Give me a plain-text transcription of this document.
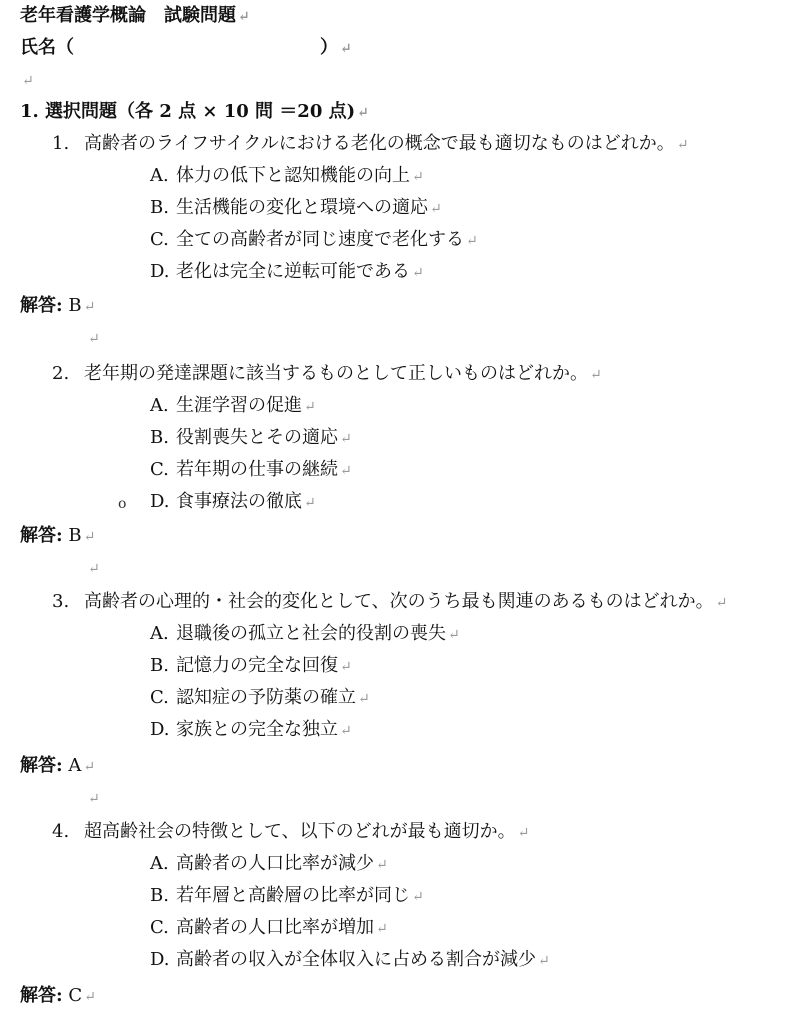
老年看護学概論　試験問題 ↵
氏名（	） ↵
↵
1. 選択問題（各 2 点 × 10 問 ＝20 点) ↵
1. 高齢者のライフサイクルにおける老化の概念で最も適切なものはどれか。 ↵
A. 体力の低下と認知機能の向上 ↵
B. 生活機能の変化と環境への適応 ↵
C. 全ての高齢者が同じ速度で老化する ↵
D. 老化は完全に逆転可能である ↵
解答: B ↵
↵
2. 老年期の発達課題に該当するものとして正しいものはどれか。 ↵
A. 生涯学習の促進 ↵
B. 役割喪失とその適応 ↵
C. 若年期の仕事の継続 ↵
o D. 食事療法の徹底 ↵
解答: B ↵
↵
3. 高齢者の心理的・社会的変化として、次のうち最も関連のあるものはどれか。 ↵
A. 退職後の孤立と社会的役割の喪失 ↵
B. 記憶力の完全な回復 ↵
C. 認知症の予防薬の確立 ↵
D. 家族との完全な独立 ↵
解答: A ↵
↵
4. 超高齢社会の特徴として、以下のどれが最も適切か。 ↵
A. 高齢者の人口比率が減少 ↵
B. 若年層と高齢層の比率が同じ ↵
C. 高齢者の人口比率が増加 ↵
D. 高齢者の収入が全体収入に占める割合が減少 ↵
解答: C ↵
